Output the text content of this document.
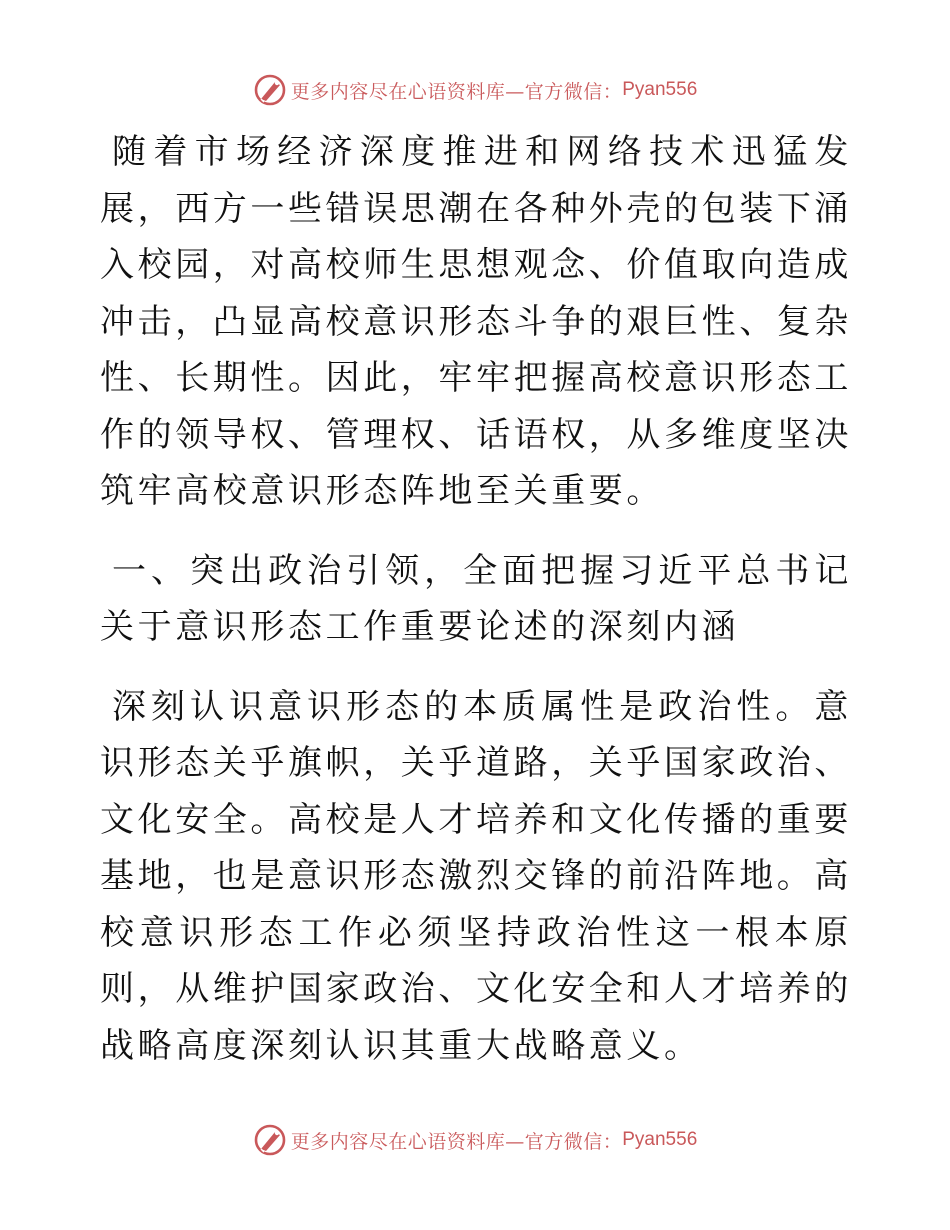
更多内容尽在心语资料库—官方微信： Pyan556

随着市场经济深度推进和网络技术迅猛发展，西方一些错误思潮在各种外壳的包装下涌入校园，对高校师生思想观念、价值取向造成冲击，凸显高校意识形态斗争的艰巨性、复杂性、长期性。因此，牢牢把握高校意识形态工作的领导权、管理权、话语权，从多维度坚决筑牢高校意识形态阵地至关重要。

一、突出政治引领，全面把握习近平总书记关于意识形态工作重要论述的深刻内涵

深刻认识意识形态的本质属性是政治性。意识形态关乎旗帜，关乎道路，关乎国家政治、文化安全。高校是人才培养和文化传播的重要基地，也是意识形态激烈交锋的前沿阵地。高校意识形态工作必须坚持政治性这一根本原则，从维护国家政治、文化安全和人才培养的战略高度深刻认识其重大战略意义。

更多内容尽在心语资料库—官方微信： Pyan556
